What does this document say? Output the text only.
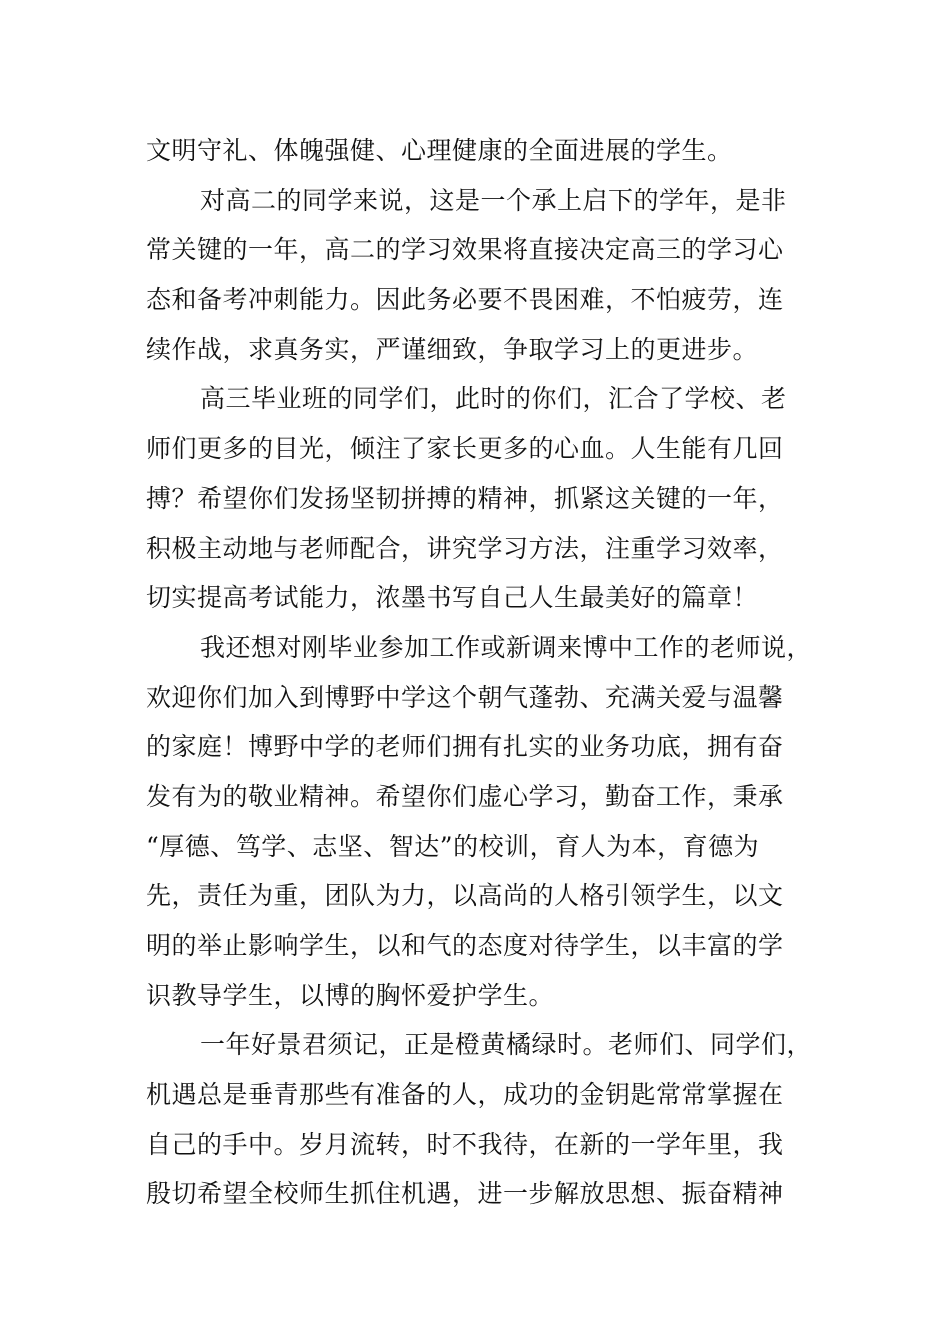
文明守礼、体魄强健、心理健康的全面进展的学生。
对高二的同学来说，这是一个承上启下的学年，是非
常关键的一年，高二的学习效果将直接决定高三的学习心
态和备考冲刺能力。因此务必要不畏困难，不怕疲劳，连
续作战，求真务实，严谨细致，争取学习上的更进步。
高三毕业班的同学们，此时的你们，汇合了学校、老
师们更多的目光，倾注了家长更多的心血。人生能有几回
搏？希望你们发扬坚韧拼搏的精神，抓紧这关键的一年，
积极主动地与老师配合，讲究学习方法，注重学习效率，
切实提高考试能力，浓墨书写自己人生最美好的篇章！
我还想对刚毕业参加工作或新调来博中工作的老师说，
欢迎你们加入到博野中学这个朝气蓬勃、充满关爱与温馨
的家庭！博野中学的老师们拥有扎实的业务功底，拥有奋
发有为的敬业精神。希望你们虚心学习，勤奋工作，秉承
“厚德、笃学、志坚、智达”的校训，育人为本，育德为
先，责任为重，团队为力，以高尚的人格引领学生，以文
明的举止影响学生，以和气的态度对待学生，以丰富的学
识教导学生，以博的胸怀爱护学生。
一年好景君须记，正是橙黄橘绿时。老师们、同学们，
机遇总是垂青那些有准备的人，成功的金钥匙常常掌握在
自己的手中。岁月流转，时不我待，在新的一学年里，我
殷切希望全校师生抓住机遇，进一步解放思想、振奋精神
